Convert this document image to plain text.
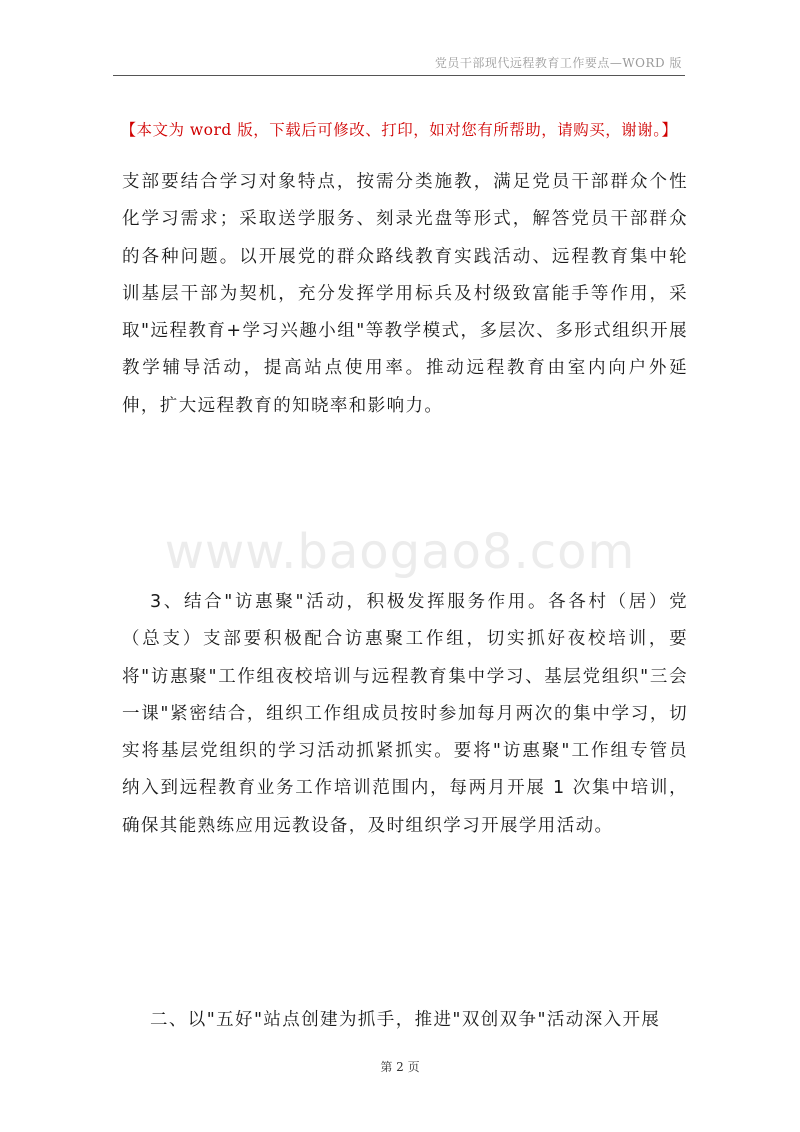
党员干部现代远程教育工作要点—WORD 版
【本文为 word 版，下载后可修改、打印，如对您有所帮助，请购买，谢谢。】

支部要结合学习对象特点，按需分类施教，满足党员干部群众个性化学习需求；采取送学服务、刻录光盘等形式，解答党员干部群众的各种问题。以开展党的群众路线教育实践活动、远程教育集中轮训基层干部为契机，充分发挥学用标兵及村级致富能手等作用，采取"远程教育+学习兴趣小组"等教学模式，多层次、多形式组织开展教学辅导活动，提高站点使用率。推动远程教育由室内向户外延伸，扩大远程教育的知晓率和影响力。

www.baogao8.com

3、结合"访惠聚"活动，积极发挥服务作用。各各村（居）党（总支）支部要积极配合访惠聚工作组，切实抓好夜校培训，要将"访惠聚"工作组夜校培训与远程教育集中学习、基层党组织"三会一课"紧密结合，组织工作组成员按时参加每月两次的集中学习，切实将基层党组织的学习活动抓紧抓实。要将"访惠聚"工作组专管员纳入到远程教育业务工作培训范围内，每两月开展 1 次集中培训，确保其能熟练应用远教设备，及时组织学习开展学用活动。

二、以"五好"站点创建为抓手，推进"双创双争"活动深入开展
第 2 页
